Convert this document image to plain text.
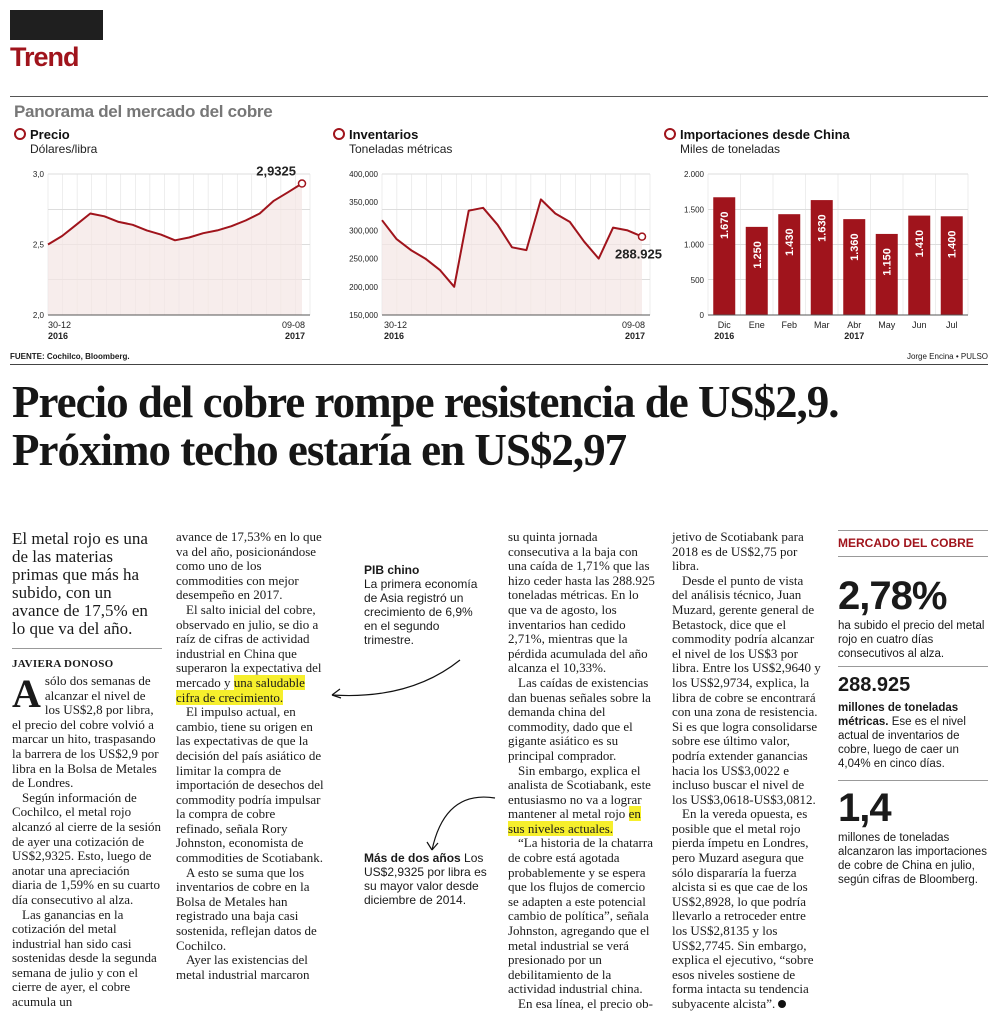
Trend
Panorama del mercado del cobre
Precio
Dólares/libra
Inventarios
Toneladas métricas
Importaciones desde China
Miles de toneladas
3,0
2,5
2,0
2,9325
30-12
2016
09-08
2017
400,000
350,000
300,000
250,000
200,000
150,000
288.925
30-12
2016
09-08
2017
2.000
1.500
1.000
500
0
1.670
Dic
1.250
Ene
1.430
Feb
1.630
Mar
1.360
Abr
1.150
May
1.410
Jun
1.400
Jul
2016	2017
FUENTE: Cochilco, Bloomberg.	Jorge Encina • PULSO
Precio del cobre rompe resistencia de US$2,9. Próximo techo estaría en US$2,97
El metal rojo es una de las materias primas que más ha subido, con un avance de 17,5% en lo que va del año.
JAVIERA DONOSO

Asólo dos semanas de alcanzar el nivel de los US$2,8 por libra, el precio del cobre volvió a marcar un hito, traspasando la barrera de los US$2,9 por libra en la Bolsa de Metales de Londres.

Según información de Cochilco, el metal rojo alcanzó al cierre de la sesión de ayer una cotización de US$2,9325. Esto, luego de anotar una apreciación diaria de 1,59% en su cuarto día consecutivo al alza.

Las ganancias en la cotización del metal industrial han sido casi sostenidas desde la segunda semana de julio y con el cierre de ayer, el cobre acumula un

avance de 17,53% en lo que va del año, posicionándose como uno de los commodities con mejor desempeño en 2017.

El salto inicial del cobre, observado en julio, se dio a raíz de cifras de actividad industrial en China que superaron la expectativa del mercado y una saludable cifra de crecimiento.

El impulso actual, en cambio, tiene su origen en las expectativas de que la decisión del país asiático de limitar la compra de importación de desechos del commodity podría impulsar la compra de cobre refinado, señala Rory Johnston, economista de commodities de Scotiabank.

A esto se suma que los inventarios de cobre en la Bolsa de Metales han registrado una baja casi sostenida, reflejan datos de Cochilco.

Ayer las existencias del metal industrial marcaron

PIB chino
La primera economía de Asia registró un crecimiento de 6,9% en el segundo trimestre.
Más de dos años Los US$2,9325 por libra es su mayor valor desde diciembre de 2014.

su quinta jornada consecutiva a la baja con una caída de 1,71% que las hizo ceder hasta las 288.925 toneladas métricas. En lo que va de agosto, los inventarios han cedido 2,71%, mientras que la pérdida acumulada del año alcanza el 10,33%.

Las caídas de existencias dan buenas señales sobre la demanda china del commodity, dado que el gigante asiático es su principal comprador.

Sin embargo, explica el analista de Scotiabank, este entusiasmo no va a lograr mantener al metal rojo en sus niveles actuales.

“La historia de la chatarra de cobre está agotada probablemente y se espera que los flujos de comercio se adapten a este potencial cambio de política”, señala Johnston, agregando que el metal industrial se verá presionado por un debilitamiento de la actividad industrial china.

En esa línea, el precio ob-

jetivo de Scotiabank para 2018 es de US$2,75 por libra.

Desde el punto de vista del análisis técnico, Juan Muzard, gerente general de Betastock, dice que el commodity podría alcanzar el nivel de los US$3 por libra. Entre los US$2,9640 y los US$2,9734, explica, la libra de cobre se encontrará con una zona de resistencia. Si es que logra consolidarse sobre ese último valor, podría extender ganancias hacia los US$3,0022 e incluso buscar el nivel de los US$3,0618-US$3,0812.

En la vereda opuesta, es posible que el metal rojo pierda ímpetu en Londres, pero Muzard asegura que sólo dispararía la fuerza alcista si es que cae de los US$2,8928, lo que podría llevarlo a retroceder entre los US$2,8135 y los US$2,7745. Sin embargo, explica el ejecutivo, “sobre esos niveles sostiene de forma intacta su tendencia subyacente alcista”.

MERCADO DEL COBRE
2,78%
ha subido el precio del metal rojo en cuatro días consecutivos al alza.
288.925
millones de toneladas métricas. Ese es el nivel actual de inventarios de cobre, luego de caer un 4,04% en cinco días.
1,4
millones de toneladas alcanzaron las importaciones de cobre de China en julio, según cifras de Bloomberg.
